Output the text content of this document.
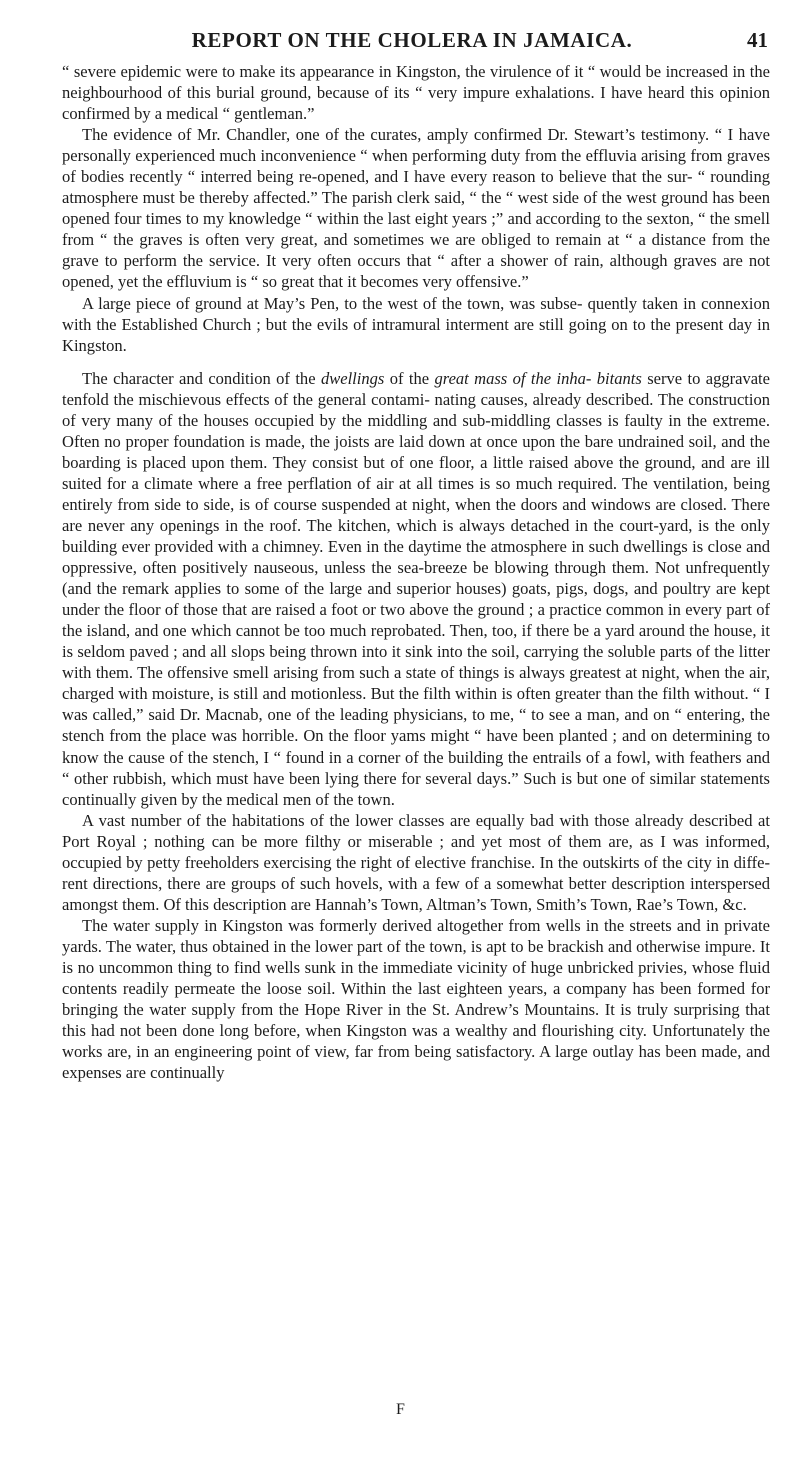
REPORT ON THE CHOLERA IN JAMAICA.	41

“ severe epidemic were to make its appearance in Kingston, the virulence of it “ would be increased in the neighbourhood of this burial ground, because of its “ very impure exhalations. I have heard this opinion confirmed by a medical “ gentleman.”

The evidence of Mr. Chandler, one of the curates, amply confirmed Dr. Stewart’s testimony. “ I have personally experienced much inconvenience “ when performing duty from the effluvia arising from graves of bodies recently “ interred being re-opened, and I have every reason to believe that the sur- “ rounding atmosphere must be thereby affected.” The parish clerk said, “ the “ west side of the west ground has been opened four times to my knowledge “ within the last eight years ;” and according to the sexton, “ the smell from “ the graves is often very great, and sometimes we are obliged to remain at “ a distance from the grave to perform the service. It very often occurs that “ after a shower of rain, although graves are not opened, yet the effluvium is “ so great that it becomes very offensive.”

A large piece of ground at May’s Pen, to the west of the town, was subse- quently taken in connexion with the Established Church ; but the evils of intramural interment are still going on to the present day in Kingston.

The character and condition of the dwellings of the great mass of the inha- bitants serve to aggravate tenfold the mischievous effects of the general contami- nating causes, already described. The construction of very many of the houses occupied by the middling and sub-middling classes is faulty in the extreme. Often no proper foundation is made, the joists are laid down at once upon the bare undrained soil, and the boarding is placed upon them. They consist but of one floor, a little raised above the ground, and are ill suited for a climate where a free perflation of air at all times is so much required. The ventilation, being entirely from side to side, is of course suspended at night, when the doors and windows are closed. There are never any openings in the roof. The kitchen, which is always detached in the court-yard, is the only building ever provided with a chimney. Even in the daytime the atmosphere in such dwellings is close and oppressive, often positively nauseous, unless the sea-breeze be blowing through them. Not unfrequently (and the remark applies to some of the large and superior houses) goats, pigs, dogs, and poultry are kept under the floor of those that are raised a foot or two above the ground ; a practice common in every part of the island, and one which cannot be too much reprobated. Then, too, if there be a yard around the house, it is seldom paved ; and all slops being thrown into it sink into the soil, carrying the soluble parts of the litter with them. The offensive smell arising from such a state of things is always greatest at night, when the air, charged with moisture, is still and motionless. But the filth within is often greater than the filth without. “ I was called,” said Dr. Macnab, one of the leading physicians, to me, “ to see a man, and on “ entering, the stench from the place was horrible. On the floor yams might “ have been planted ; and on determining to know the cause of the stench, I “ found in a corner of the building the entrails of a fowl, with feathers and “ other rubbish, which must have been lying there for several days.” Such is but one of similar statements continually given by the medical men of the town.

A vast number of the habitations of the lower classes are equally bad with those already described at Port Royal ; nothing can be more filthy or miserable ; and yet most of them are, as I was informed, occupied by petty freeholders exercising the right of elective franchise. In the outskirts of the city in diffe- rent directions, there are groups of such hovels, with a few of a somewhat better description interspersed amongst them. Of this description are Hannah’s Town, Altman’s Town, Smith’s Town, Rae’s Town, &c.

The water supply in Kingston was formerly derived altogether from wells in the streets and in private yards. The water, thus obtained in the lower part of the town, is apt to be brackish and otherwise impure. It is no uncommon thing to find wells sunk in the immediate vicinity of huge unbricked privies, whose fluid contents readily permeate the loose soil. Within the last eighteen years, a company has been formed for bringing the water supply from the Hope River in the St. Andrew’s Mountains. It is truly surprising that this had not been done long before, when Kingston was a wealthy and flourishing city. Unfortunately the works are, in an engineering point of view, far from being satisfactory. A large outlay has been made, and expenses are continually

F
